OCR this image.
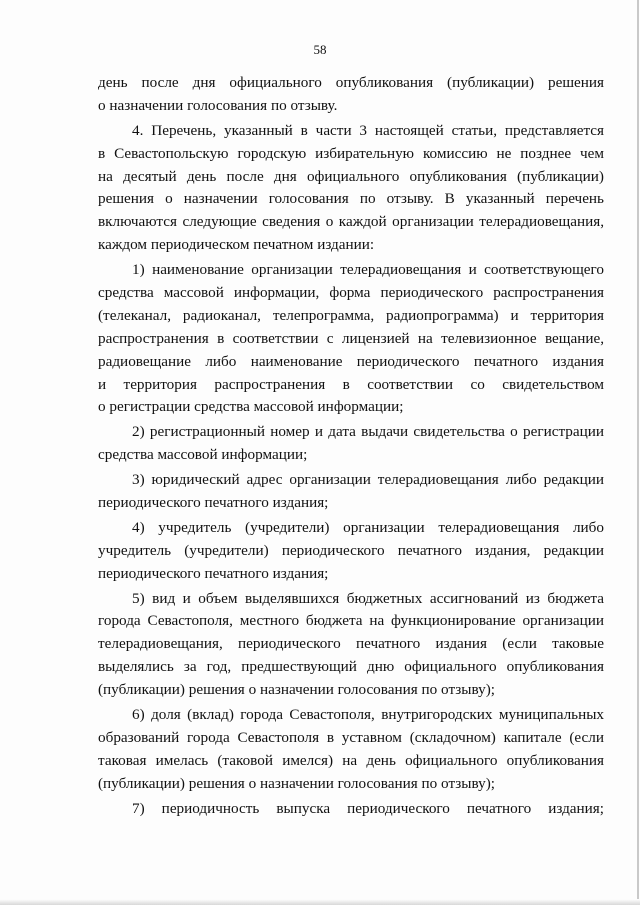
58
день после дня официального опубликования (публикации) решения
о назначении голосования по отзыву.
4. Перечень, указанный в части 3 настоящей статьи, представляется
в Севастопольскую городскую избирательную комиссию не позднее чем
на десятый день после дня официального опубликования (публикации)
решения о назначении голосования по отзыву. В указанный перечень
включаются следующие сведения о каждой организации телерадиовещания,
каждом периодическом печатном издании:
1) наименование организации телерадиовещания и соответствующего
средства массовой информации, форма периодического распространения
(телеканал, радиоканал, телепрограмма, радиопрограмма) и территория
распространения в соответствии с лицензией на телевизионное вещание,
радиовещание либо наименование периодического печатного издания
и территория распространения в соответствии со свидетельством
о регистрации средства массовой информации;
2) регистрационный номер и дата выдачи свидетельства о регистрации
средства массовой информации;
3) юридический адрес организации телерадиовещания либо редакции
периодического печатного издания;
4) учредитель (учредители) организации телерадиовещания либо
учредитель (учредители) периодического печатного издания, редакции
периодического печатного издания;
5) вид и объем выделявшихся бюджетных ассигнований из бюджета
города Севастополя, местного бюджета на функционирование организации
телерадиовещания, периодического печатного издания (если таковые
выделялись за год, предшествующий дню официального опубликования
(публикации) решения о назначении голосования по отзыву);
6) доля (вклад) города Севастополя, внутригородских муниципальных
образований города Севастополя в уставном (складочном) капитале (если
таковая имелась (таковой имелся) на день официального опубликования
(публикации) решения о назначении голосования по отзыву);
7) периодичность выпуска периодического печатного издания;
